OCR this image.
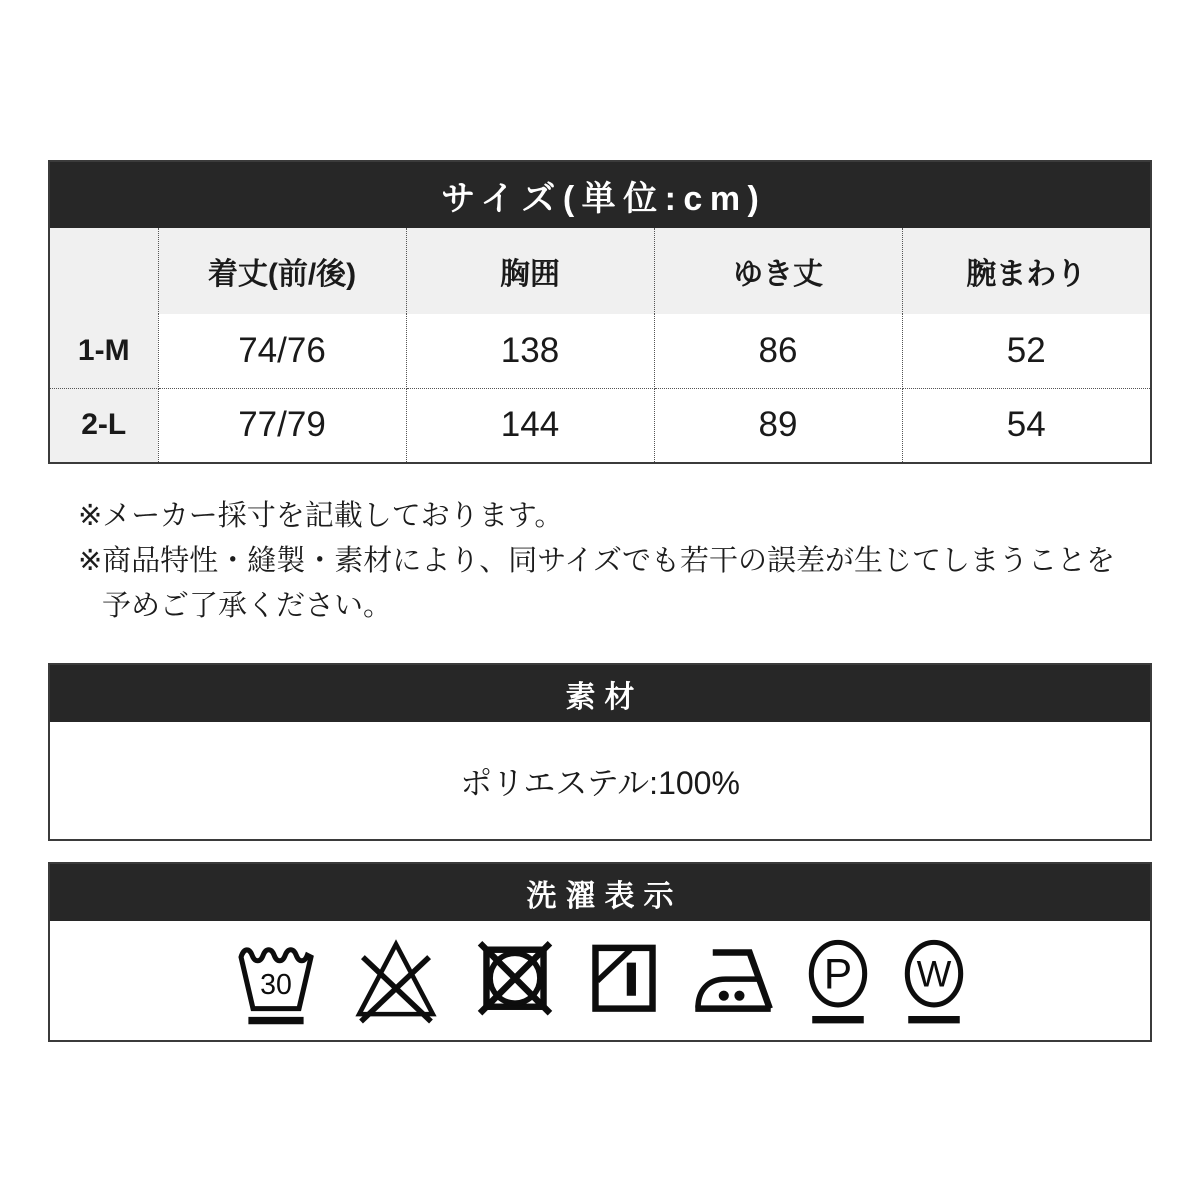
サイズ(単位:cm)
	着丈(前/後)	胸囲	ゆき丈	腕まわり
1-M	74/76	138	86	52
2-L	77/79	144	89	54

※メーカー採寸を記載しております。

※商品特性・縫製・素材により、同サイズでも若干の誤差が生じてしまうことを

予めご了承ください。

素材
ポリエステル:100%
洗濯表示
30	P W
